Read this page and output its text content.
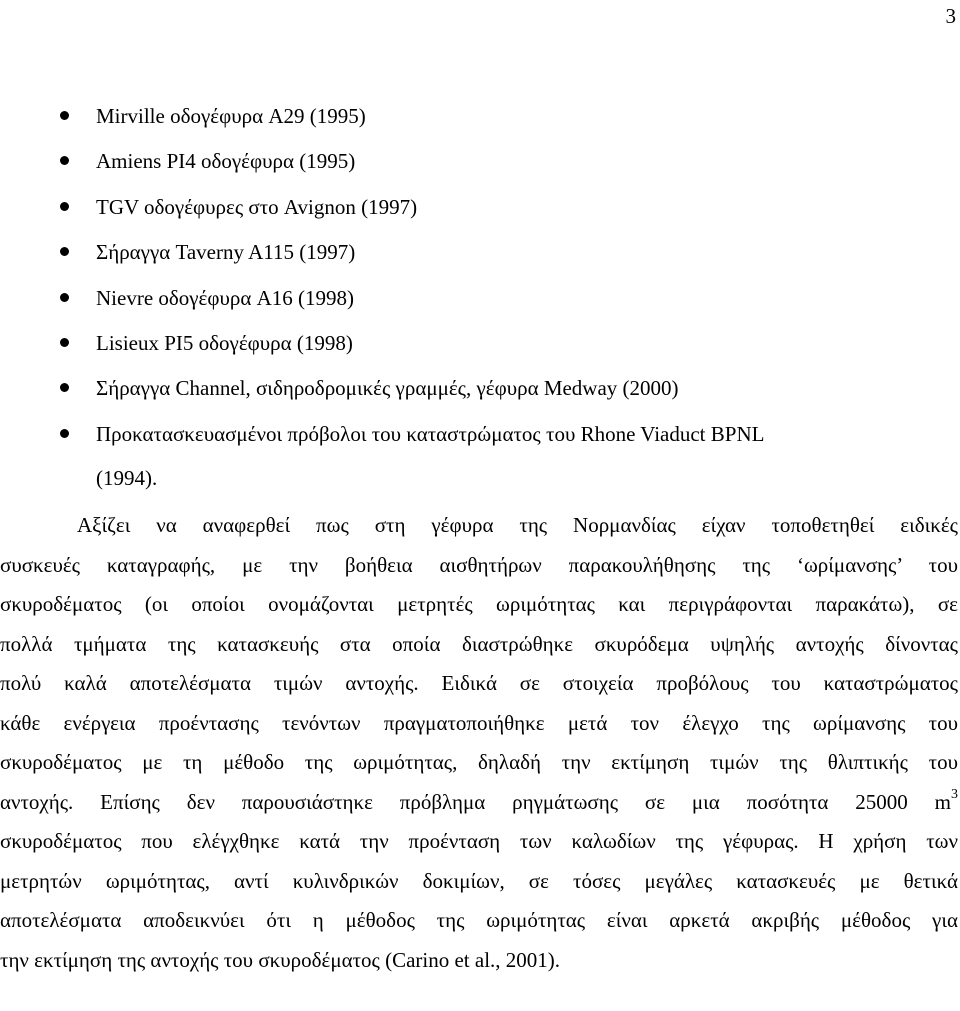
3
Mirville οδογέφυρα A29 (1995)
Amiens PI4 οδογέφυρα (1995)
TGV οδογέφυρες στο Avignon (1997)
Σήραγγα Taverny A115 (1997)
Nievre οδογέφυρα A16 (1998)
Lisieux PI5 οδογέφυρα (1998)
Σήραγγα Channel, σιδηροδρομικές γραμμές, γέφυρα Medway (2000)
Προκατασκευασμένοι πρόβολοι του καταστρώματος του Rhone Viaduct BPNL
(1994).
Αξίζει να αναφερθεί πως στη γέφυρα της Νορμανδίας είχαν τοποθετηθεί ειδικές
συσκευές καταγραφής, με την βοήθεια αισθητήρων παρακουλήθησης της ‘ωρίμανσης’ του
σκυροδέματος (οι οποίοι ονομάζονται μετρητές ωριμότητας και περιγράφονται παρακάτω), σε
πολλά τμήματα της κατασκευής στα οποία διαστρώθηκε σκυρόδεμα υψηλής αντοχής δίνοντας
πολύ καλά αποτελέσματα τιμών αντοχής. Ειδικά σε στοιχεία προβόλους του καταστρώματος
κάθε ενέργεια προέντασης τενόντων πραγματοποιήθηκε μετά τον έλεγχο της ωρίμανσης του
σκυροδέματος με τη μέθοδο της ωριμότητας, δηλαδή την εκτίμηση τιμών της θλιπτικής του
αντοχής. Επίσης δεν παρουσιάστηκε πρόβλημα ρηγμάτωσης σε μια ποσότητα 25000 $m^3$
σκυροδέματος που ελέγχθηκε κατά την προένταση των καλωδίων της γέφυρας. Η χρήση των
μετρητών ωριμότητας, αντί κυλινδρικών δοκιμίων, σε τόσες μεγάλες κατασκευές με θετικά
αποτελέσματα αποδεικνύει ότι η μέθοδος της ωριμότητας είναι αρκετά ακριβής μέθοδος για
την εκτίμηση της αντοχής του σκυροδέματος (Carino et al., 2001).
